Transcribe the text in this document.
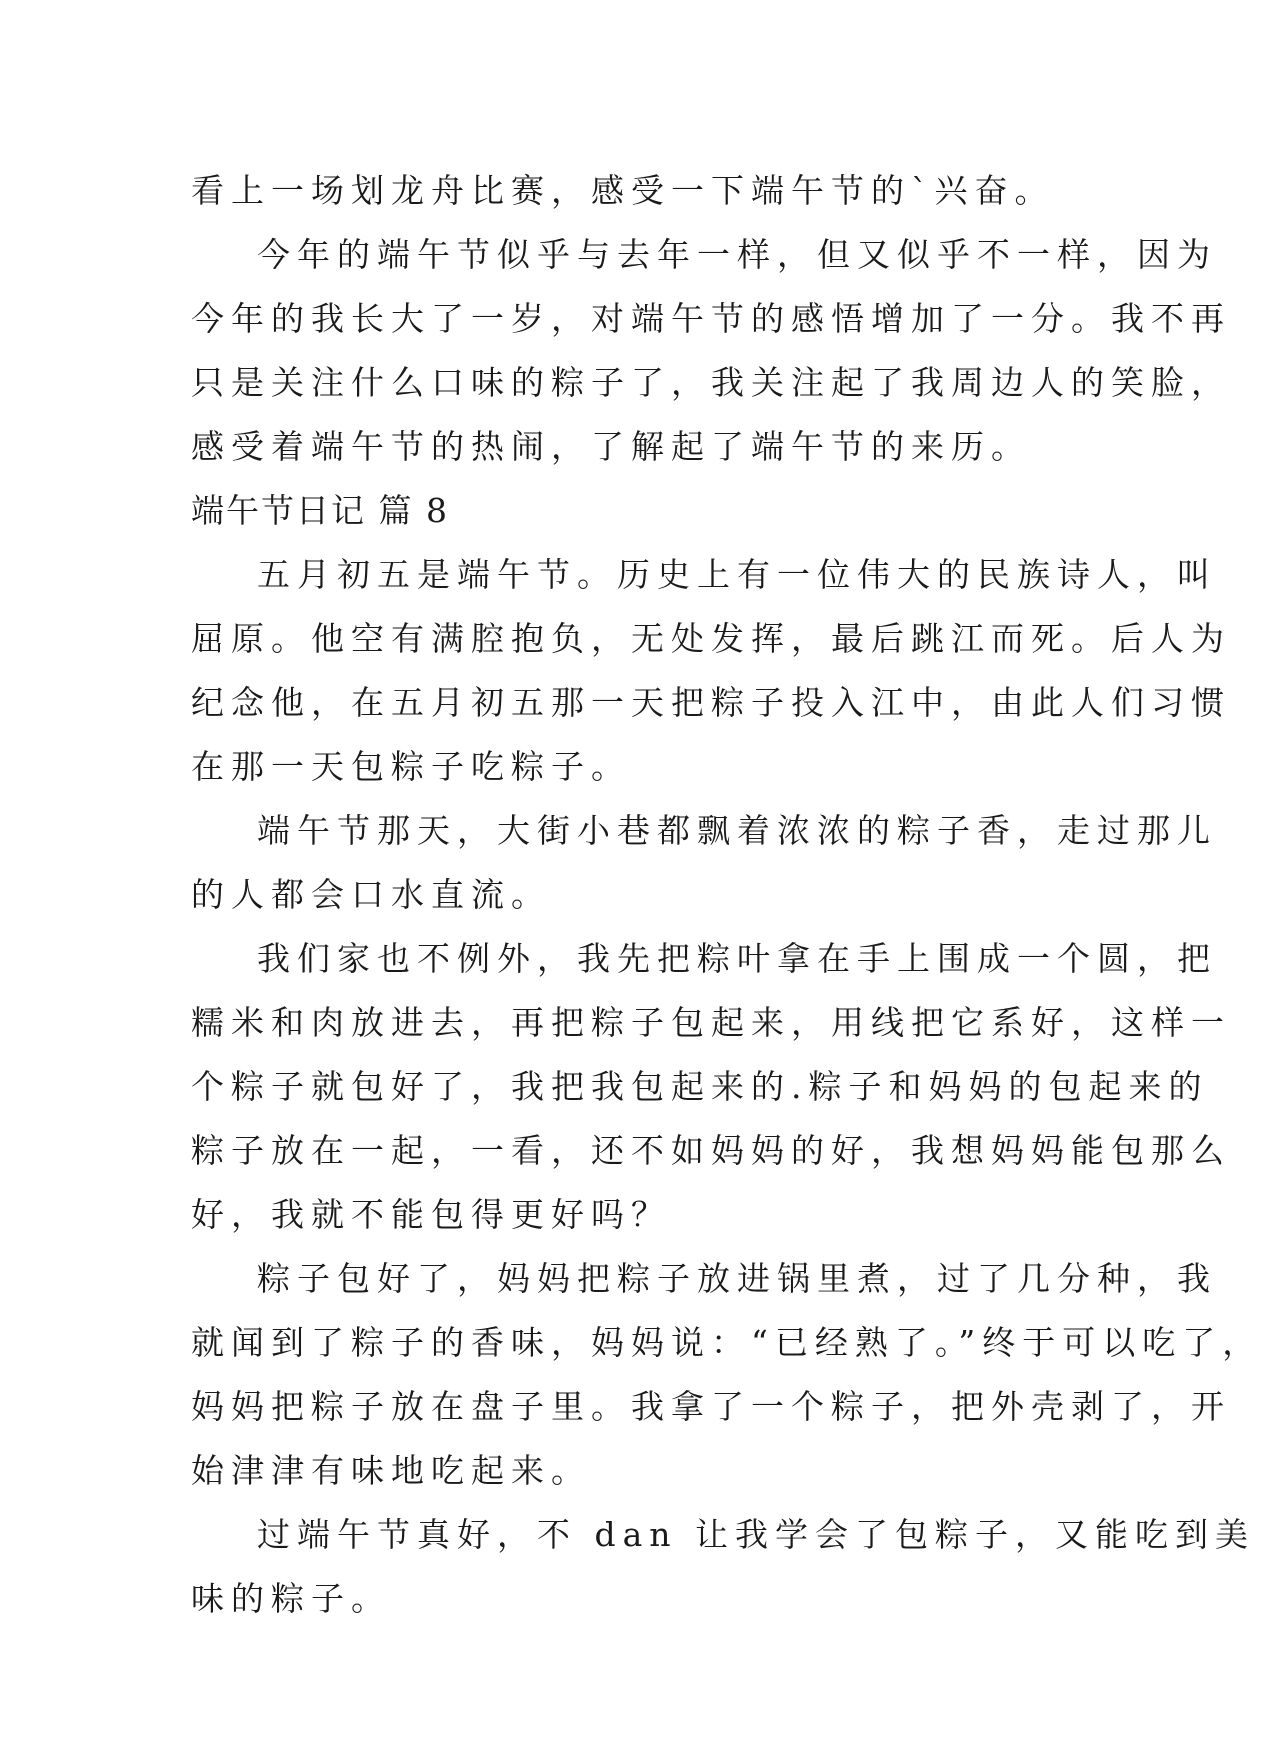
看上一场划龙舟比赛，感受一下端午节的`兴奋。
今年的端午节似乎与去年一样，但又似乎不一样，因为
今年的我长大了一岁，对端午节的感悟增加了一分。我不再
只是关注什么口味的粽子了，我关注起了我周边人的笑脸，
感受着端午节的热闹，了解起了端午节的来历。
端午节日记 篇 8
五月初五是端午节。历史上有一位伟大的民族诗人，叫
屈原。他空有满腔抱负，无处发挥，最后跳江而死。后人为
纪念他，在五月初五那一天把粽子投入江中，由此人们习惯
在那一天包粽子吃粽子。
端午节那天，大街小巷都飘着浓浓的粽子香，走过那儿
的人都会口水直流。
我们家也不例外，我先把粽叶拿在手上围成一个圆，把
糯米和肉放进去，再把粽子包起来，用线把它系好，这样一
个粽子就包好了，我把我包起来的.粽子和妈妈的包起来的
粽子放在一起，一看，还不如妈妈的好，我想妈妈能包那么
好，我就不能包得更好吗？
粽子包好了，妈妈把粽子放进锅里煮，过了几分种，我
就闻到了粽子的香味，妈妈说：“已经熟了。”终于可以吃了，
妈妈把粽子放在盘子里。我拿了一个粽子，把外壳剥了，开
始津津有味地吃起来。
过端午节真好，不 dan 让我学会了包粽子，又能吃到美
味的粽子。
